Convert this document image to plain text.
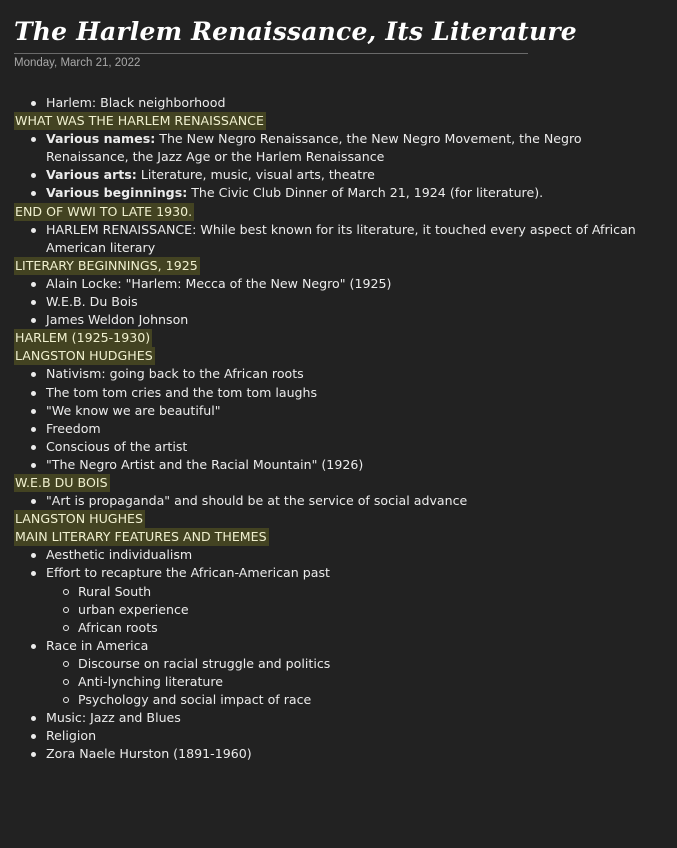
The Harlem Renaissance, Its Literature
Monday, March 21, 2022
Harlem: Black neighborhood
WHAT WAS THE HARLEM RENAISSANCE
Various names: The New Negro Renaissance, the New Negro Movement, the Negro Renaissance, the Jazz Age or the Harlem Renaissance
Various arts: Literature, music, visual arts, theatre
Various beginnings: The Civic Club Dinner of March 21, 1924 (for literature).
END OF WWI TO LATE 1930.
HARLEM RENAISSANCE: While best known for its literature, it touched every aspect of African American literary
LITERARY BEGINNINGS, 1925
Alain Locke: "Harlem: Mecca of the New Negro" (1925)
W.E.B. Du Bois
James Weldon Johnson
HARLEM (1925-1930)
LANGSTON HUDGHES
Nativism: going back to the African roots
The tom tom cries and the tom tom laughs
"We know we are beautiful"
Freedom
Conscious of the artist
"The Negro Artist and the Racial Mountain" (1926)
W.E.B DU BOIS
"Art is propaganda" and should be at the service of social advance
LANGSTON HUGHES
MAIN LITERARY FEATURES AND THEMES
Aesthetic individualism
Effort to recapture the African-American past
Rural South
urban experience
African roots
Race in America
Discourse on racial struggle and politics
Anti-lynching literature
Psychology and social impact of race
Music: Jazz and Blues
Religion
Zora Naele Hurston (1891-1960)
